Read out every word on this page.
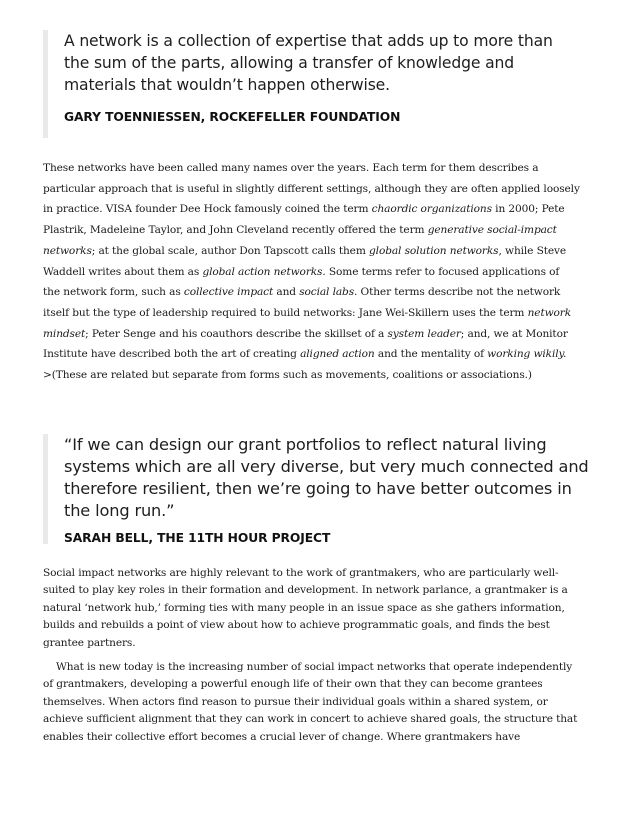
A network is a collection of expertise that adds up to more than
the sum of the parts, allowing a transfer of knowledge and
materials that wouldn’t happen otherwise.

GARY TOENNIESSEN, ROCKEFELLER FOUNDATION

These networks have been called many names over the years. Each term for them describes a
particular approach that is useful in slightly different settings, although they are often applied loosely
in practice. VISA founder Dee Hock famously coined the term chaordic organizations in 2000; Pete
Plastrik, Madeleine Taylor, and John Cleveland recently offered the term generative social-impact
networks; at the global scale, author Don Tapscott calls them global solution networks, while Steve
Waddell writes about them as global action networks. Some terms refer to focused applications of
the network form, such as collective impact and social labs. Other terms describe not the network
itself but the type of leadership required to build networks: Jane Wei-Skillern uses the term network
mindset; Peter Senge and his coauthors describe the skillset of a system leader; and, we at Monitor
Institute have described both the art of creating aligned action and the mentality of working wikily.
>(These are related but separate from forms such as movements, coalitions or associations.)

“If we can design our grant portfolios to reflect natural living
systems which are all very diverse, but very much connected and
therefore resilient, then we’re going to have better outcomes in
the long run.”

SARAH BELL, THE 11TH HOUR PROJECT

Social impact networks are highly relevant to the work of grantmakers, who are particularly well-
suited to play key roles in their formation and development. In network parlance, a grantmaker is a
natural ‘network hub,’ forming ties with many people in an issue space as she gathers information,
builds and rebuilds a point of view about how to achieve programmatic goals, and finds the best
grantee partners.
What is new today is the increasing number of social impact networks that operate independently
of grantmakers, developing a powerful enough life of their own that they can become grantees
themselves. When actors find reason to pursue their individual goals within a shared system, or
achieve sufficient alignment that they can work in concert to achieve shared goals, the structure that
enables their collective effort becomes a crucial lever of change. Where grantmakers have
